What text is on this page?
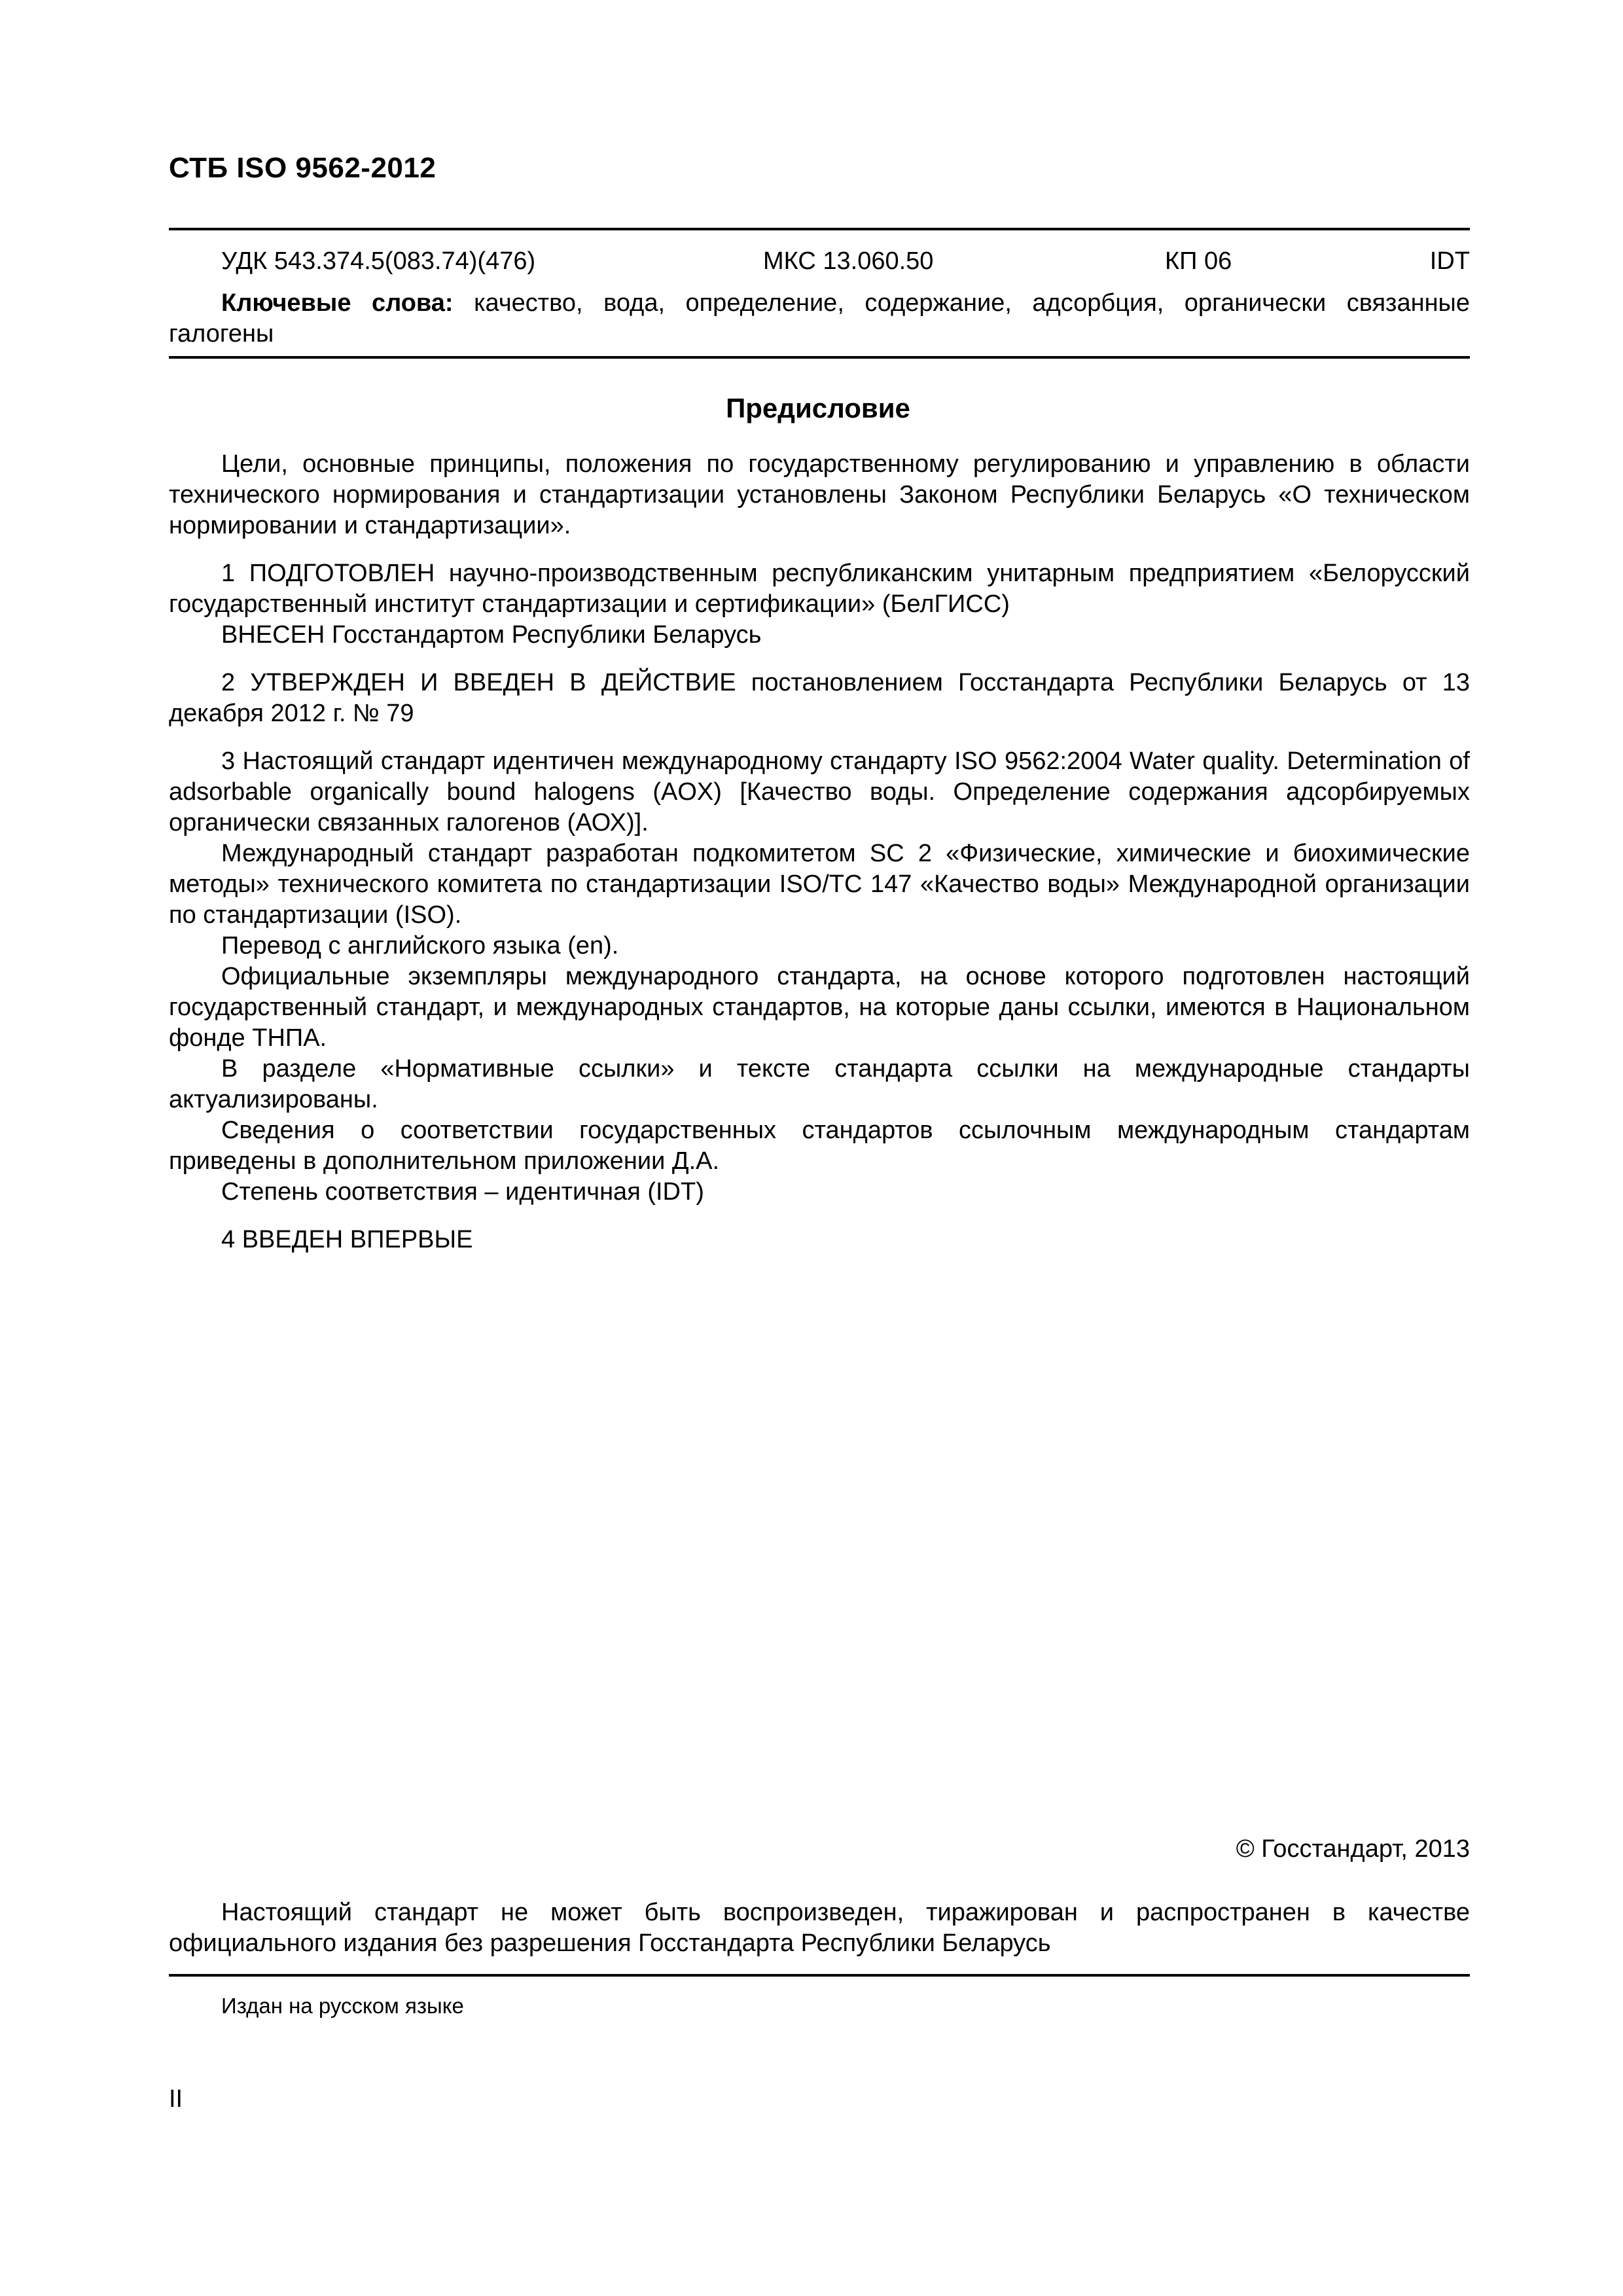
СТБ ISO 9562-2012
УДК 543.374.5(083.74)(476)	МКС 13.060.50	КП 06	IDT

Ключевые слова: качество, вода, определение, содержание, адсорбция, органически связанные галогены

Предисловие

Цели, основные принципы, положения по государственному регулированию и управлению в области технического нормирования и стандартизации установлены Законом Республики Беларусь «О техническом нормировании и стандартизации».

1 ПОДГОТОВЛЕН научно-производственным республиканским унитарным предприятием «Белорусский государственный институт стандартизации и сертификации» (БелГИСС)

ВНЕСЕН Госстандартом Республики Беларусь

2 УТВЕРЖДЕН И ВВЕДЕН В ДЕЙСТВИЕ постановлением Госстандарта Республики Беларусь от 13 декабря 2012 г. № 79

3 Настоящий стандарт идентичен международному стандарту ISO 9562:2004 Water quality. Determination of adsorbable organically bound halogens (AOX) [Качество воды. Определение содержания адсорбируемых органически связанных галогенов (АОХ)].

Международный стандарт разработан подкомитетом SC 2 «Физические, химические и биохимические методы» технического комитета по стандартизации ISO/TC 147 «Качество воды» Международной организации по стандартизации (ISO).

Перевод с английского языка (en).

Официальные экземпляры международного стандарта, на основе которого подготовлен настоящий государственный стандарт, и международных стандартов, на которые даны ссылки, имеются в Национальном фонде ТНПА.

В разделе «Нормативные ссылки» и тексте стандарта ссылки на международные стандарты актуализированы.

Сведения о соответствии государственных стандартов ссылочным международным стандартам приведены в дополнительном приложении Д.А.

Степень соответствия – идентичная (IDT)

4 ВВЕДЕН ВПЕРВЫЕ

© Госстандарт, 2013

Настоящий стандарт не может быть воспроизведен, тиражирован и распространен в качестве официального издания без разрешения Госстандарта Республики Беларусь

Издан на русском языке
II
